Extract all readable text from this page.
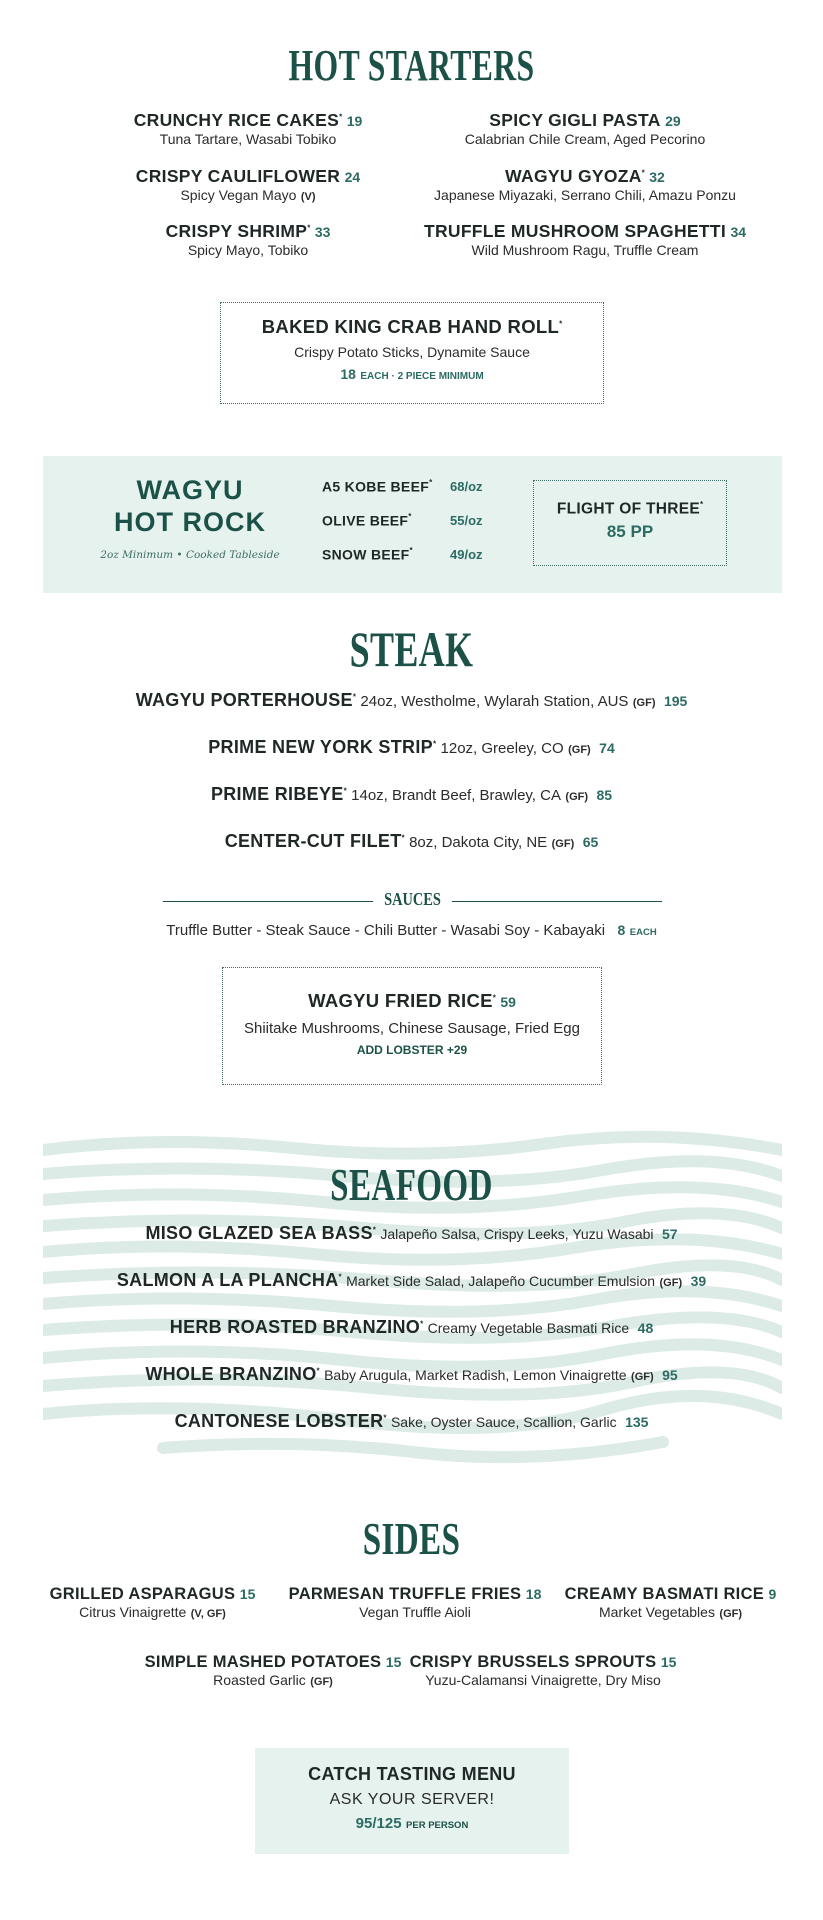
HOT STARTERS
CRUNCHY RICE CAKES* 19
Tuna Tartare, Wasabi Tobiko
CRISPY CAULIFLOWER 24
Spicy Vegan Mayo (V)
CRISPY SHRIMP* 33
Spicy Mayo, Tobiko
SPICY GIGLI PASTA 29
Calabrian Chile Cream, Aged Pecorino
WAGYU GYOZA* 32
Japanese Miyazaki, Serrano Chili, Amazu Ponzu
TRUFFLE MUSHROOM SPAGHETTI 34
Wild Mushroom Ragu, Truffle Cream
BAKED KING CRAB HAND ROLL*
Crispy Potato Sticks, Dynamite Sauce
18 EACH · 2 PIECE MINIMUM
WAGYU
HOT ROCK
2oz Minimum • Cooked Tableside
A5 KOBE BEEF* 68/oz
OLIVE BEEF*	55/oz
SNOW BEEF*	49/oz
FLIGHT OF THREE*
85 PP
STEAK
WAGYU PORTERHOUSE* 24oz, Westholme, Wylarah Station, AUS (GF) 195
PRIME NEW YORK STRIP* 12oz, Greeley, CO (GF) 74
PRIME RIBEYE* 14oz, Brandt Beef, Brawley, CA (GF) 85
CENTER-CUT FILET* 8oz, Dakota City, NE (GF) 65
SAUCES
Truffle Butter - Steak Sauce - Chili Butter - Wasabi Soy - Kabayaki 8 EACH
WAGYU FRIED RICE* 59
Shiitake Mushrooms, Chinese Sausage, Fried Egg
ADD LOBSTER +29
SEAFOOD
MISO GLAZED SEA BASS* Jalapeño Salsa, Crispy Leeks, Yuzu Wasabi 57
SALMON A LA PLANCHA* Market Side Salad, Jalapeño Cucumber Emulsion (GF) 39
HERB ROASTED BRANZINO* Creamy Vegetable Basmati Rice 48
WHOLE BRANZINO* Baby Arugula, Market Radish, Lemon Vinaigrette (GF) 95
CANTONESE LOBSTER* Sake, Oyster Sauce, Scallion, Garlic 135
SIDES
GRILLED ASPARAGUS 15
Citrus Vinaigrette (V, GF)
PARMESAN TRUFFLE FRIES 18
Vegan Truffle Aioli
CREAMY BASMATI RICE 9
Market Vegetables (GF)
SIMPLE MASHED POTATOES 15
Roasted Garlic (GF)
CRISPY BRUSSELS SPROUTS 15
Yuzu-Calamansi Vinaigrette, Dry Miso
CATCH TASTING MENU
ASK YOUR SERVER!
95/125 PER PERSON
